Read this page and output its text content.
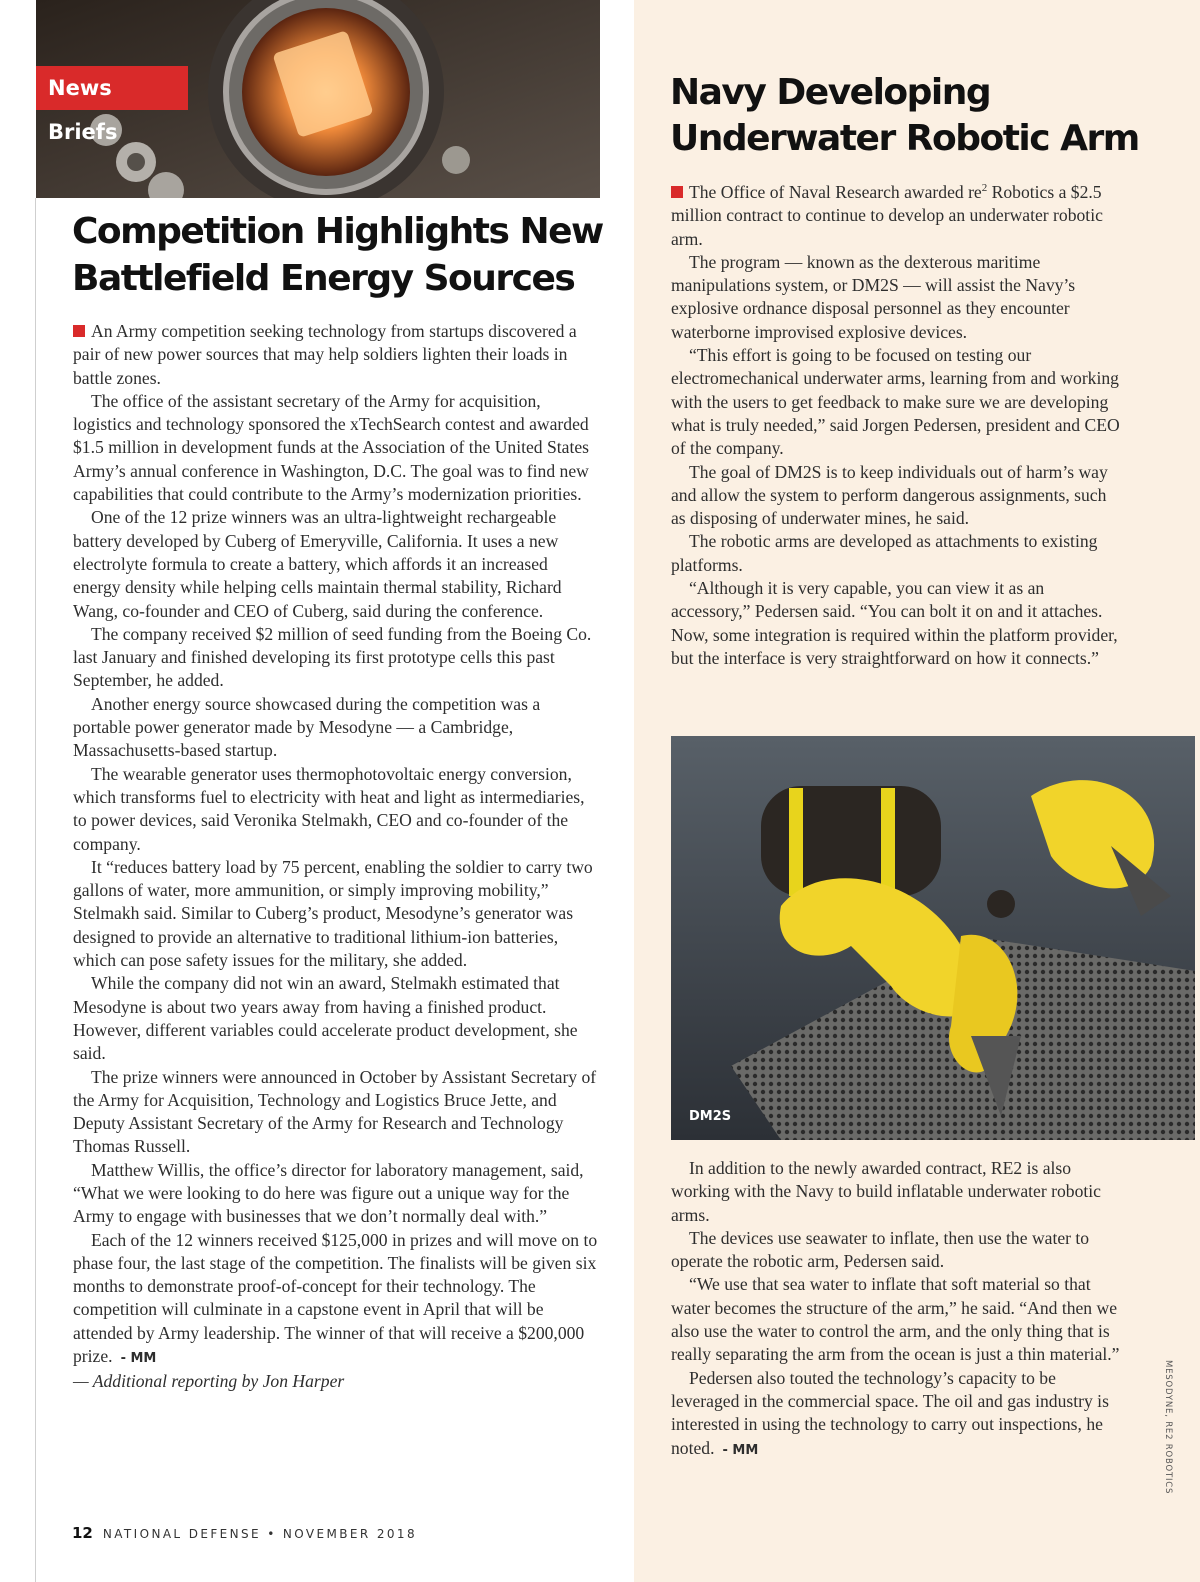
News Briefs
Competition Highlights New
Battlefield Energy Sources

An Army competition seeking technology from startups discovered a pair of new power sources that may help soldiers lighten their loads in battle zones.

The office of the assistant secretary of the Army for acquisition, logistics and technology sponsored the xTechSearch contest and awarded $1.5 million in development funds at the Association of the United States Army’s annual conference in Washington, D.C. The goal was to find new capabilities that could contribute to the Army’s modernization priorities.

One of the 12 prize winners was an ultra-lightweight rechargeable battery developed by Cuberg of Emeryville, California. It uses a new electrolyte formula to create a battery, which affords it an increased energy density while helping cells maintain thermal stability, Richard Wang, co-founder and CEO of Cuberg, said during the conference.

The company received $2 million of seed funding from the Boeing Co. last January and finished developing its first prototype cells this past September, he added.

Another energy source showcased during the competition was a portable power generator made by Mesodyne — a Cambridge, Massachusetts-based startup.

The wearable generator uses thermophotovoltaic energy conversion, which transforms fuel to electricity with heat and light as intermediaries, to power devices, said Veronika Stelmakh, CEO and co-founder of the company.

It “reduces battery load by 75 percent, enabling the soldier to carry two gallons of water, more ammunition, or simply improving mobility,” Stelmakh said. Similar to Cuberg’s product, Mesodyne’s generator was designed to provide an alternative to traditional lithium-ion batteries, which can pose safety issues for the military, she added.

While the company did not win an award, Stelmakh estimated that Mesodyne is about two years away from having a finished product. However, different variables could accelerate product development, she said.

The prize winners were announced in October by Assistant Secretary of the Army for Acquisition, Technology and Logistics Bruce Jette, and Deputy Assistant Secretary of the Army for Research and Technology Thomas Russell.

Matthew Willis, the office’s director for laboratory management, said, “What we were looking to do here was figure out a unique way for the Army to engage with businesses that we don’t normally deal with.”

Each of the 12 winners received $125,000 in prizes and will move on to phase four, the last stage of the competition. The finalists will be given six months to demonstrate proof-of-concept for their technology. The competition will culminate in a capstone event in April that will be attended by Army leadership. The winner of that will receive a $200,000 prize. - MM

— Additional reporting by Jon Harper

Navy Developing
Underwater Robotic Arm

The Office of Naval Research awarded $re^2$ Robotics a $2.5 million contract to continue to develop an underwater robotic arm.

The program — known as the dexterous maritime manipulations system, or DM2S — will assist the Navy’s explosive ordnance disposal personnel as they encounter waterborne improvised explosive devices.

“This effort is going to be focused on testing our electromechanical underwater arms, learning from and working with the users to get feedback to make sure we are developing what is truly needed,” said Jorgen Pedersen, president and CEO of the company.

The goal of DM2S is to keep individuals out of harm’s way and allow the system to perform dangerous assignments, such as disposing of underwater mines, he said.

The robotic arms are developed as attachments to existing platforms.

“Although it is very capable, you can view it as an accessory,” Pedersen said. “You can bolt it on and it attaches. Now, some integration is required within the platform provider, but the interface is very straightforward on how it connects.”

DM2S

In addition to the newly awarded contract, RE2 is also working with the Navy to build inflatable underwater robotic arms.

The devices use seawater to inflate, then use the water to operate the robotic arm, Pedersen said.

“We use that sea water to inflate that soft material so that water becomes the structure of the arm,” he said. “And then we also use the water to control the arm, and the only thing that is really separating the arm from the ocean is just a thin material.”

Pedersen also touted the technology’s capacity to be leveraged in the commercial space. The oil and gas industry is interested in using the technology to carry out inspections, he noted. - MM	MESODYNE, RE2 ROBOTICS
12 NATIONAL DEFENSE • NOVEMBER 2018
